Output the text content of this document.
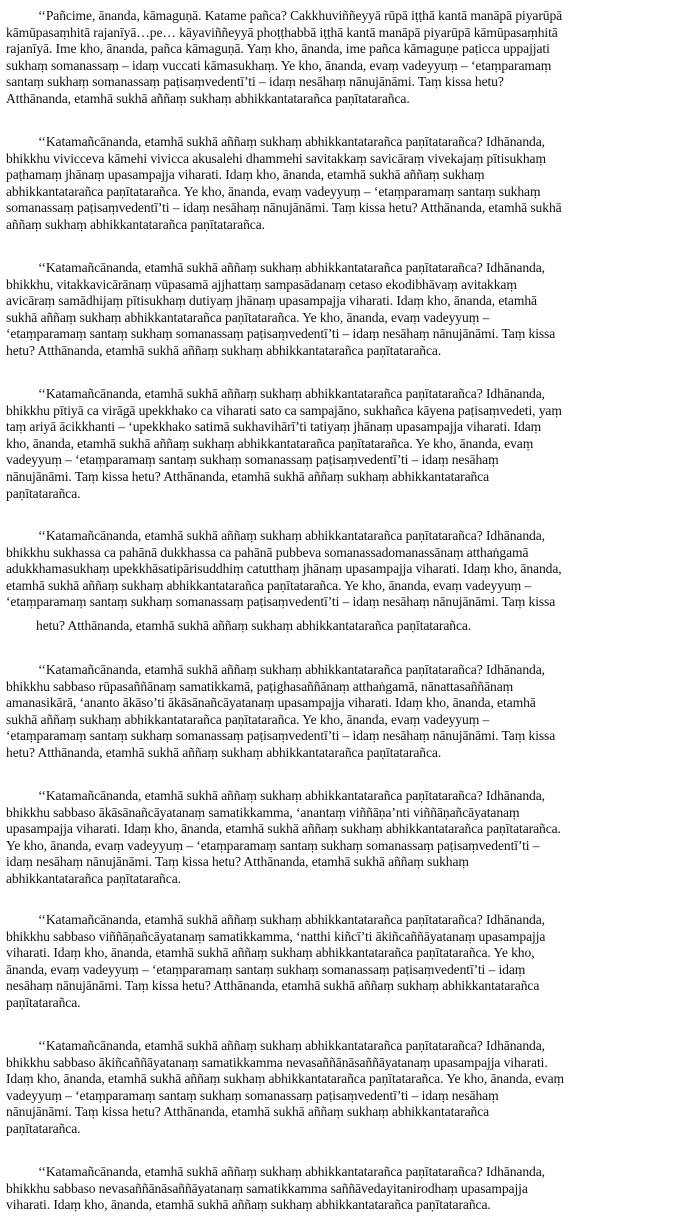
‘‘Pañcime, ānanda, kāmaguṇā. Katame pañca? Cakkhuviññeyyā rūpā iṭṭhā kantā manāpā piyarūpā
kāmūpasaṃhitā rajanīyā…pe… kāyaviññeyyā phoṭṭhabbā iṭṭhā kantā manāpā piyarūpā kāmūpasaṃhitā
rajanīyā. Ime kho, ānanda, pañca kāmaguṇā. Yaṃ kho, ānanda, ime pañca kāmaguṇe paṭicca uppajjati
sukhaṃ somanassaṃ – idaṃ vuccati kāmasukhaṃ. Ye kho, ānanda, evaṃ vadeyyuṃ – ‘etaṃparamaṃ
santaṃ sukhaṃ somanassaṃ paṭisaṃvedentī’ti – idaṃ nesāhaṃ nānujānāmi. Taṃ kissa hetu?
Atthānanda, etamhā sukhā aññaṃ sukhaṃ abhikkantatarañca paṇītatarañca.
‘‘Katamañcānanda, etamhā sukhā aññaṃ sukhaṃ abhikkantatarañca paṇītatarañca? Idhānanda,
bhikkhu vivicceva kāmehi vivicca akusalehi dhammehi savitakkaṃ savicāraṃ vivekajaṃ pītisukhaṃ
paṭhamaṃ jhānaṃ upasampajja viharati. Idaṃ kho, ānanda, etamhā sukhā aññaṃ sukhaṃ
abhikkantatarañca paṇītatarañca. Ye kho, ānanda, evaṃ vadeyyuṃ – ‘etaṃparamaṃ santaṃ sukhaṃ
somanassaṃ paṭisaṃvedentī’ti – idaṃ nesāhaṃ nānujānāmi. Taṃ kissa hetu? Atthānanda, etamhā sukhā
aññaṃ sukhaṃ abhikkantatarañca paṇītatarañca.
‘‘Katamañcānanda, etamhā sukhā aññaṃ sukhaṃ abhikkantatarañca paṇītatarañca? Idhānanda,
bhikkhu, vitakkavicārānaṃ vūpasamā ajjhattaṃ sampasādanaṃ cetaso ekodibhāvaṃ avitakkaṃ
avicāraṃ samādhijaṃ pītisukhaṃ dutiyaṃ jhānaṃ upasampajja viharati. Idaṃ kho, ānanda, etamhā
sukhā aññaṃ sukhaṃ abhikkantatarañca paṇītatarañca. Ye kho, ānanda, evaṃ vadeyyuṃ –
‘etaṃparamaṃ santaṃ sukhaṃ somanassaṃ paṭisaṃvedentī’ti – idaṃ nesāhaṃ nānujānāmi. Taṃ kissa
hetu? Atthānanda, etamhā sukhā aññaṃ sukhaṃ abhikkantatarañca paṇītatarañca.
‘‘Katamañcānanda, etamhā sukhā aññaṃ sukhaṃ abhikkantatarañca paṇītatarañca? Idhānanda,
bhikkhu pītiyā ca virāgā upekkhako ca viharati sato ca sampajāno, sukhañca kāyena paṭisaṃvedeti, yaṃ
taṃ ariyā ācikkhanti – ‘upekkhako satimā sukhavihārī’ti tatiyaṃ jhānaṃ upasampajja viharati. Idaṃ
kho, ānanda, etamhā sukhā aññaṃ sukhaṃ abhikkantatarañca paṇītatarañca. Ye kho, ānanda, evaṃ
vadeyyuṃ – ‘etaṃparamaṃ santaṃ sukhaṃ somanassaṃ paṭisaṃvedentī’ti – idaṃ nesāhaṃ
nānujānāmi. Taṃ kissa hetu? Atthānanda, etamhā sukhā aññaṃ sukhaṃ abhikkantatarañca
paṇītatarañca.
‘‘Katamañcānanda, etamhā sukhā aññaṃ sukhaṃ abhikkantatarañca paṇītatarañca? Idhānanda,
bhikkhu sukhassa ca pahānā dukkhassa ca pahānā pubbeva somanassadomanassānaṃ atthaṅgamā
adukkhamasukhaṃ upekkhāsatipārisuddhiṃ catutthaṃ jhānaṃ upasampajja viharati. Idaṃ kho, ānanda,
etamhā sukhā aññaṃ sukhaṃ abhikkantatarañca paṇītatarañca. Ye kho, ānanda, evaṃ vadeyyuṃ –
‘etaṃparamaṃ santaṃ sukhaṃ somanassaṃ paṭisaṃvedentī’ti – idaṃ nesāhaṃ nānujānāmi. Taṃ kissa
hetu? Atthānanda, etamhā sukhā aññaṃ sukhaṃ abhikkantatarañca paṇītatarañca.
‘‘Katamañcānanda, etamhā sukhā aññaṃ sukhaṃ abhikkantatarañca paṇītatarañca? Idhānanda,
bhikkhu sabbaso rūpasaññānaṃ samatikkamā, paṭighasaññānaṃ atthaṅgamā, nānattasaññānaṃ
amanasikārā, ‘ananto ākāso’ti ākāsānañcāyatanaṃ upasampajja viharati. Idaṃ kho, ānanda, etamhā
sukhā aññaṃ sukhaṃ abhikkantatarañca paṇītatarañca. Ye kho, ānanda, evaṃ vadeyyuṃ –
‘etaṃparamaṃ santaṃ sukhaṃ somanassaṃ paṭisaṃvedentī’ti – idaṃ nesāhaṃ nānujānāmi. Taṃ kissa
hetu? Atthānanda, etamhā sukhā aññaṃ sukhaṃ abhikkantatarañca paṇītatarañca.
‘‘Katamañcānanda, etamhā sukhā aññaṃ sukhaṃ abhikkantatarañca paṇītatarañca? Idhānanda,
bhikkhu sabbaso ākāsānañcāyatanaṃ samatikkamma, ‘anantaṃ viññāṇa’nti viññāṇañcāyatanaṃ
upasampajja viharati. Idaṃ kho, ānanda, etamhā sukhā aññaṃ sukhaṃ abhikkantatarañca paṇītatarañca.
Ye kho, ānanda, evaṃ vadeyyuṃ – ‘etaṃparamaṃ santaṃ sukhaṃ somanassaṃ paṭisaṃvedentī’ti –
idaṃ nesāhaṃ nānujānāmi. Taṃ kissa hetu? Atthānanda, etamhā sukhā aññaṃ sukhaṃ
abhikkantatarañca paṇītatarañca.
‘‘Katamañcānanda, etamhā sukhā aññaṃ sukhaṃ abhikkantatarañca paṇītatarañca? Idhānanda,
bhikkhu sabbaso viññāṇañcāyatanaṃ samatikkamma, ‘natthi kiñcī’ti ākiñcaññāyatanaṃ upasampajja
viharati. Idaṃ kho, ānanda, etamhā sukhā aññaṃ sukhaṃ abhikkantatarañca paṇītatarañca. Ye kho,
ānanda, evaṃ vadeyyuṃ – ‘etaṃparamaṃ santaṃ sukhaṃ somanassaṃ paṭisaṃvedentī’ti – idaṃ
nesāhaṃ nānujānāmi. Taṃ kissa hetu? Atthānanda, etamhā sukhā aññaṃ sukhaṃ abhikkantatarañca
paṇītatarañca.
‘‘Katamañcānanda, etamhā sukhā aññaṃ sukhaṃ abhikkantatarañca paṇītatarañca? Idhānanda,
bhikkhu sabbaso ākiñcaññāyatanaṃ samatikkamma nevasaññānāsaññāyatanaṃ upasampajja viharati.
Idaṃ kho, ānanda, etamhā sukhā aññaṃ sukhaṃ abhikkantatarañca paṇītatarañca. Ye kho, ānanda, evaṃ
vadeyyuṃ – ‘etaṃparamaṃ santaṃ sukhaṃ somanassaṃ paṭisaṃvedentī’ti – idaṃ nesāhaṃ
nānujānāmi. Taṃ kissa hetu? Atthānanda, etamhā sukhā aññaṃ sukhaṃ abhikkantatarañca
paṇītatarañca.
‘‘Katamañcānanda, etamhā sukhā aññaṃ sukhaṃ abhikkantatarañca paṇītatarañca? Idhānanda,
bhikkhu sabbaso nevasaññānāsaññāyatanaṃ samatikkamma saññāvedayitanirodhaṃ upasampajja
viharati. Idaṃ kho, ānanda, etamhā sukhā aññaṃ sukhaṃ abhikkantatarañca paṇītatarañca.
